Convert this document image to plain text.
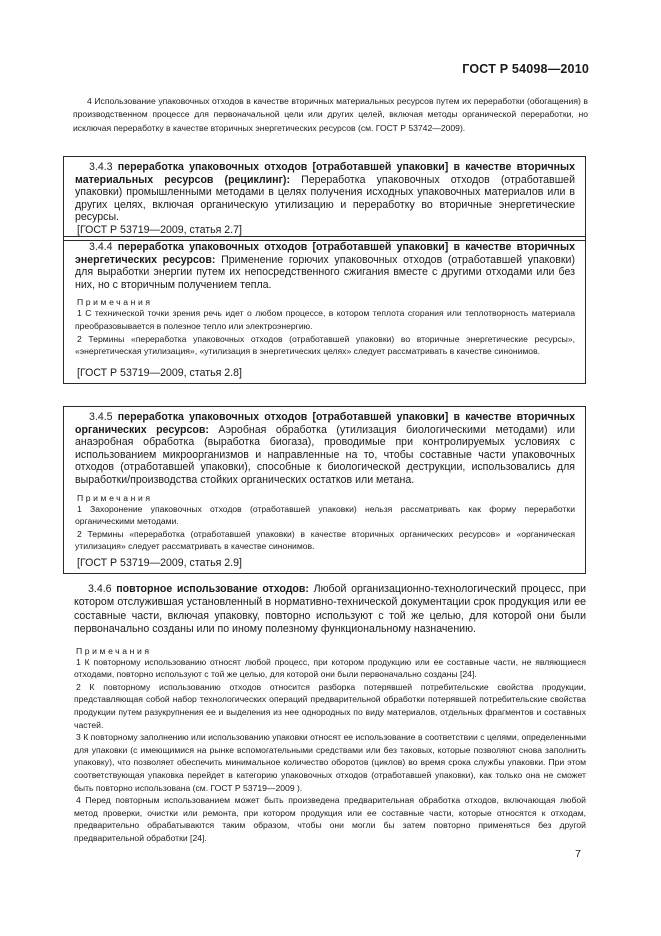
ГОСТ Р 54098—2010

4 Использование упаковочных отходов в качестве вторичных материальных ресурсов путем их переработки (обогащения) в производственном процессе для первоначальной цели или других целей, включая методы органической переработки, но исключая переработку в качестве вторичных энергетических ресурсов (см. ГОСТ Р 53742—2009).

3.4.3 переработка упаковочных отходов [отработавшей упаковки] в качестве вторичных материальных ресурсов (рециклинг): Переработка упаковочных отходов (отработавшей упаковки) промышленными методами в целях получения исходных упаковочных материалов или в других целях, включая органическую утилизацию и переработку во вторичные энергетические ресурсы.

[ГОСТ Р 53719—2009, статья 2.7]

3.4.4 переработка упаковочных отходов [отработавшей упаковки] в качестве вторичных энергетических ресурсов: Применение горючих упаковочных отходов (отработавшей упаковки) для выработки энергии путем их непосредственного сжигания вместе с другими отходами или без них, но с вторичным получением тепла.

Примечания

1 С технической точки зрения речь идет о любом процессе, в котором теплота сгорания или теплотворность материала преобразовывается в полезное тепло или электроэнергию.

2 Термины «переработка упаковочных отходов (отработавшей упаковки) во вторичные энергетические ресурсы», «энергетическая утилизация», «утилизация в энергетических целях» следует рассматривать в качестве синонимов.

[ГОСТ Р 53719—2009, статья 2.8]

3.4.5 переработка упаковочных отходов [отработавшей упаковки] в качестве вторичных органических ресурсов: Аэробная обработка (утилизация биологическими методами) или анаэробная обработка (выработка биогаза), проводимые при контролируемых условиях с использованием микроорганизмов и направленные на то, чтобы составные части упаковочных отходов (отработавшей упаковки), способные к биологической деструкции, использовались для выработки/производства стойких органических остатков или метана.

Примечания

1 Захоронение упаковочных отходов (отработавшей упаковки) нельзя рассматривать как форму переработки органическими методами.

2 Термины «переработка (отработавшей упаковки) в качестве вторичных органических ресурсов» и «органическая утилизация» следует рассматривать в качестве синонимов.

[ГОСТ Р 53719—2009, статья 2.9]

3.4.6 повторное использование отходов: Любой организационно-технологический процесс, при котором отслужившая установленный в нормативно-технической документации срок продукция или ее составные части, включая упаковку, повторно используют с той же целью, для которой они были первоначально созданы или по иному полезному функциональному назначению.

Примечания

1 К повторному использованию относят любой процесс, при котором продукцию или ее составные части, не являющиеся отходами, повторно используют с той же целью, для которой они были первоначально созданы [24].

2 К повторному использованию отходов относится разборка потерявшей потребительские свойства продукции, представляющая собой набор технологических операций предварительной обработки потерявшей потребительские свойства продукции путем разукрупнения ее и выделения из нее однородных по виду материалов, отдельных фрагментов и составных частей.

3 К повторному заполнению или использованию упаковки относят ее использование в соответствии с целями, определенными для упаковки (с имеющимися на рынке вспомогательными средствами или без таковых, которые позволяют снова заполнить упаковку), что позволяет обеспечить минимальное количество оборотов (циклов) во время срока службы упаковки. При этом соответствующая упаковка перейдет в категорию упаковочных отходов (отработавшей упаковки), как только она не сможет быть повторно использована (см. ГОСТ Р 53719—2009 ).

4 Перед повторным использованием может быть произведена предварительная обработка отходов, включающая любой метод проверки, очистки или ремонта, при котором продукция или ее составные части, которые относятся к отходам, предварительно обрабатываются таким образом, чтобы они могли бы затем повторно применяться без другой предварительной обработки [24].

7
